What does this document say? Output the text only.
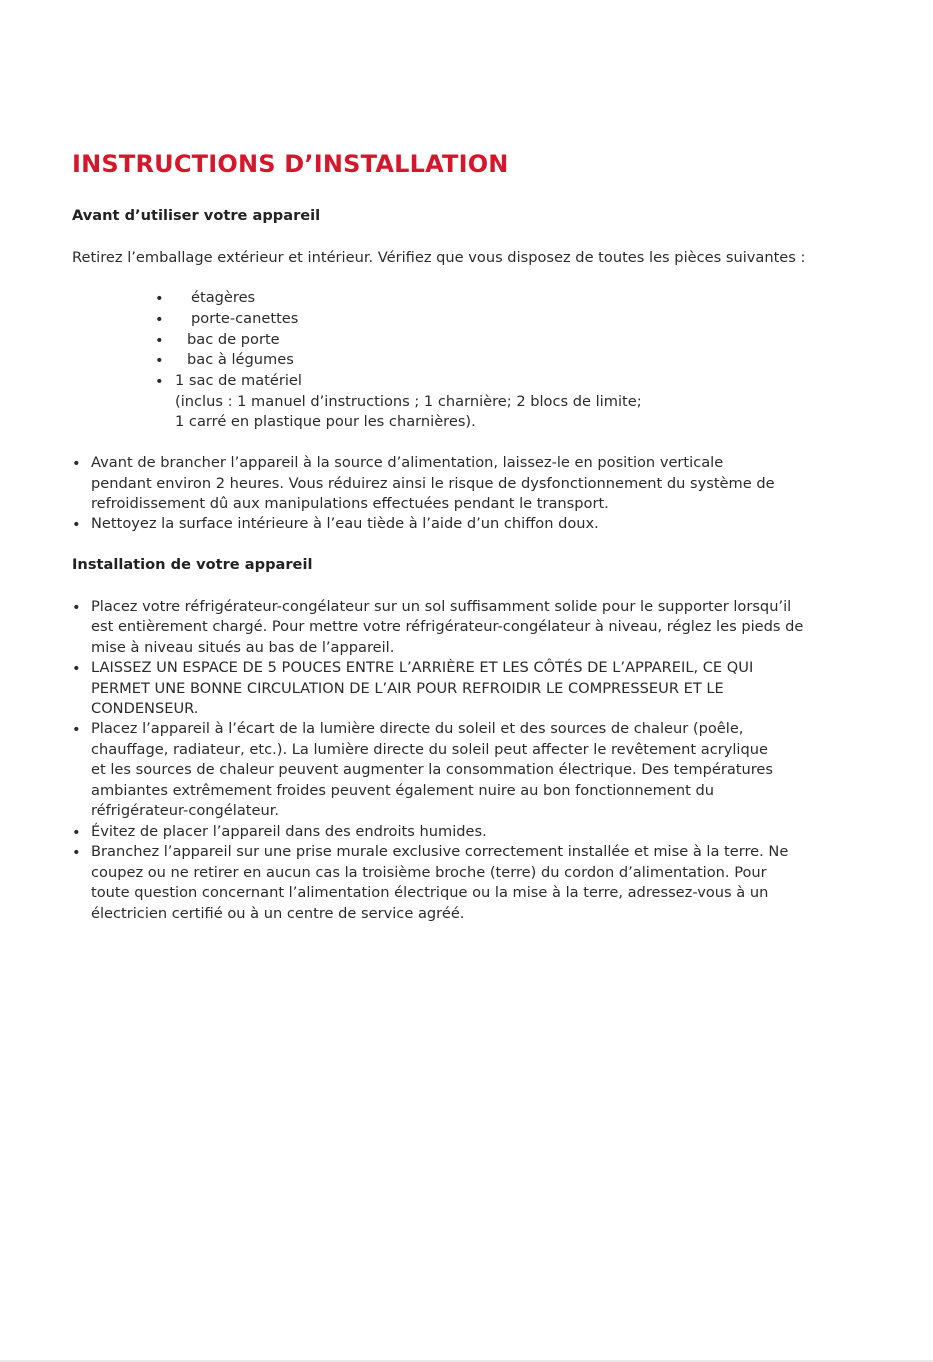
INSTRUCTIONS D’INSTALLATION
Avant d’utiliser votre appareil
Retirez l’emballage extérieur et intérieur. Vérifiez que vous disposez de toutes les pièces suivantes :
• étagères
• porte-canettes
• bac de porte
• bac à légumes
• 1 sac de matériel
(inclus : 1 manuel d’instructions ; 1 charnière; 2 blocs de limite;
1 carré en plastique pour les charnières).
• Avant de brancher l’appareil à la source d’alimentation, laissez-le en position verticale
pendant environ 2 heures. Vous réduirez ainsi le risque de dysfonctionnement du système de
refroidissement dû aux manipulations effectuées pendant le transport.
• Nettoyez la surface intérieure à l’eau tiède à l’aide d’un chiffon doux.
Installation de votre appareil
• Placez votre réfrigérateur-congélateur sur un sol suffisamment solide pour le supporter lorsqu’il
est entièrement chargé. Pour mettre votre réfrigérateur-congélateur à niveau, réglez les pieds de
mise à niveau situés au bas de l’appareil.
• LAISSEZ UN ESPACE DE 5 POUCES ENTRE L’ARRIÈRE ET LES CÔTÉS DE L’APPAREIL, CE QUI
PERMET UNE BONNE CIRCULATION DE L’AIR POUR REFROIDIR LE COMPRESSEUR ET LE
CONDENSEUR.
• Placez l’appareil à l’écart de la lumière directe du soleil et des sources de chaleur (poêle,
chauffage, radiateur, etc.). La lumière directe du soleil peut affecter le revêtement acrylique
et les sources de chaleur peuvent augmenter la consommation électrique. Des températures
ambiantes extrêmement froides peuvent également nuire au bon fonctionnement du
réfrigérateur-congélateur.
• Évitez de placer l’appareil dans des endroits humides.
• Branchez l’appareil sur une prise murale exclusive correctement installée et mise à la terre. Ne
coupez ou ne retirer en aucun cas la troisième broche (terre) du cordon d’alimentation. Pour
toute question concernant l’alimentation électrique ou la mise à la terre, adressez-vous à un
électricien certifié ou à un centre de service agréé.
